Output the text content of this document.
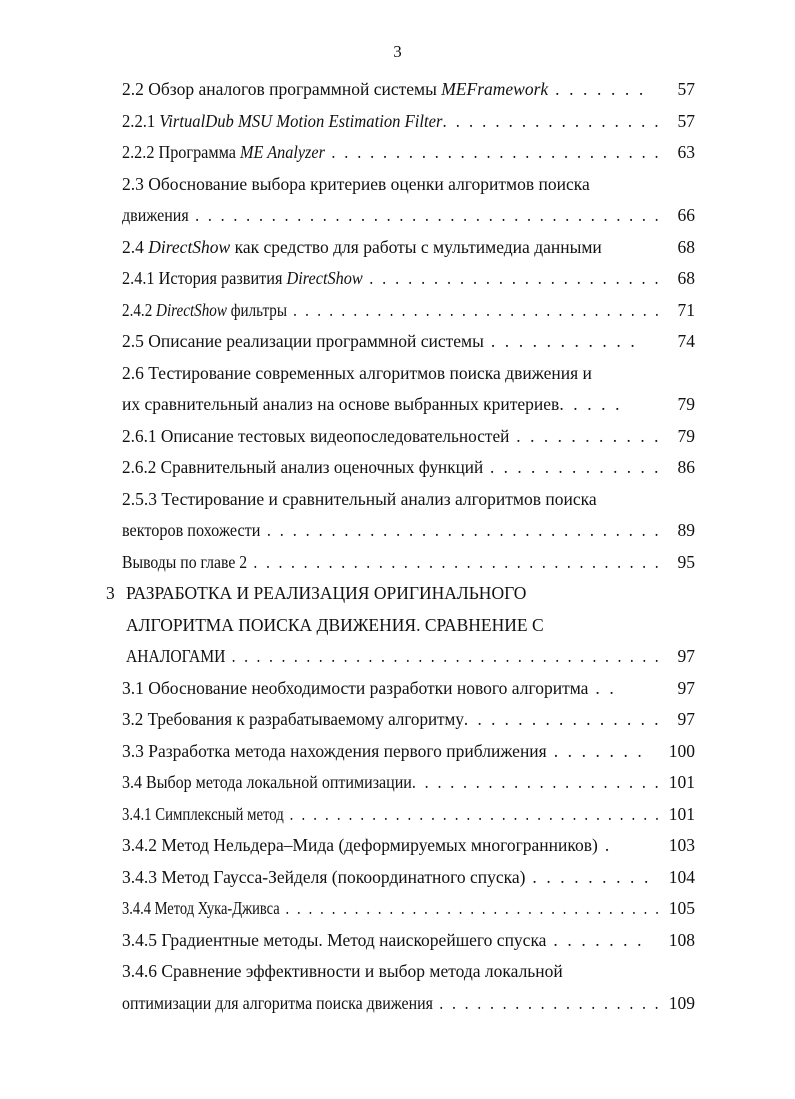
3
2.2 Обзор аналогов программной системы MEFramework . . . . . . . 57
2.2.1 VirtualDub MSU Motion Estimation Filter. . . . . . . . . . . . . . . . . 57
2.2.2 Программа ME Analyzer . . . . . . . . . . . . . . . . . . . . . . . . . . 63
2.3 Обоснование выбора критериев оценки алгоритмов поиска
движения . . . . . . . . . . . . . . . . . . . . . . . . . . . . . . . . . . . . . 66
2.4 DirectShow как средство для работы с мультимедиа данными	68
2.4.1 История развития DirectShow . . . . . . . . . . . . . . . . . . . . . . . 68
2.4.2 DirectShow фильтры . . . . . . . . . . . . . . . . . . . . . . . . . . . . . . . 71
2.5 Описание реализации программной системы . . . . . . . . . . . 74
2.6 Тестирование современных алгоритмов поиска движения и
их сравнительный анализ на основе выбранных критериев. . . . .	79
2.6.1 Описание тестовых видеопоследовательностей . . . . . . . . . . . 79
2.6.2 Сравнительный анализ оценочных функций . . . . . . . . . . . . . 86
2.5.3 Тестирование и сравнительный анализ алгоритмов поиска
векторов похожести . . . . . . . . . . . . . . . . . . . . . . . . . . . . . . . 89
Выводы по главе 2 . . . . . . . . . . . . . . . . . . . . . . . . . . . . . . . . . 95
3 РАЗРАБОТКА И РЕАЛИЗАЦИЯ ОРИГИНАЛЬНОГО
АЛГОРИТМА ПОИСКА ДВИЖЕНИЯ. СРАВНЕНИЕ С
АНАЛОГАМИ . . . . . . . . . . . . . . . . . . . . . . . . . . . . . . . . . . . 97
3.1 Обоснование необходимости разработки нового алгоритма . .	97
3.2 Требования к разрабатываемому алгоритму. . . . . . . . . . . . . . . 97
3.3 Разработка метода нахождения первого приближения . . . . . . . 100
3.4 Выбор метода локальной оптимизации. . . . . . . . . . . . . . . . . . . . 101
3.4.1 Симплексный метод . . . . . . . . . . . . . . . . . . . . . . . . . . . . . . . . 101
3.4.2 Метод Нельдера–Мида (деформируемых многогранников) .	103
3.4.3 Метод Гаусса-Зейделя (покоординатного спуска) . . . . . . . . . 104
3.4.4 Метод Хука-Дживса . . . . . . . . . . . . . . . . . . . . . . . . . . . . . . . . . 105
3.4.5 Градиентные методы. Метод наискорейшего спуска . . . . . . . 108
3.4.6 Сравнение эффективности и выбор метода локальной
оптимизации для алгоритма поиска движения . . . . . . . . . . . . . . . . . . 109
